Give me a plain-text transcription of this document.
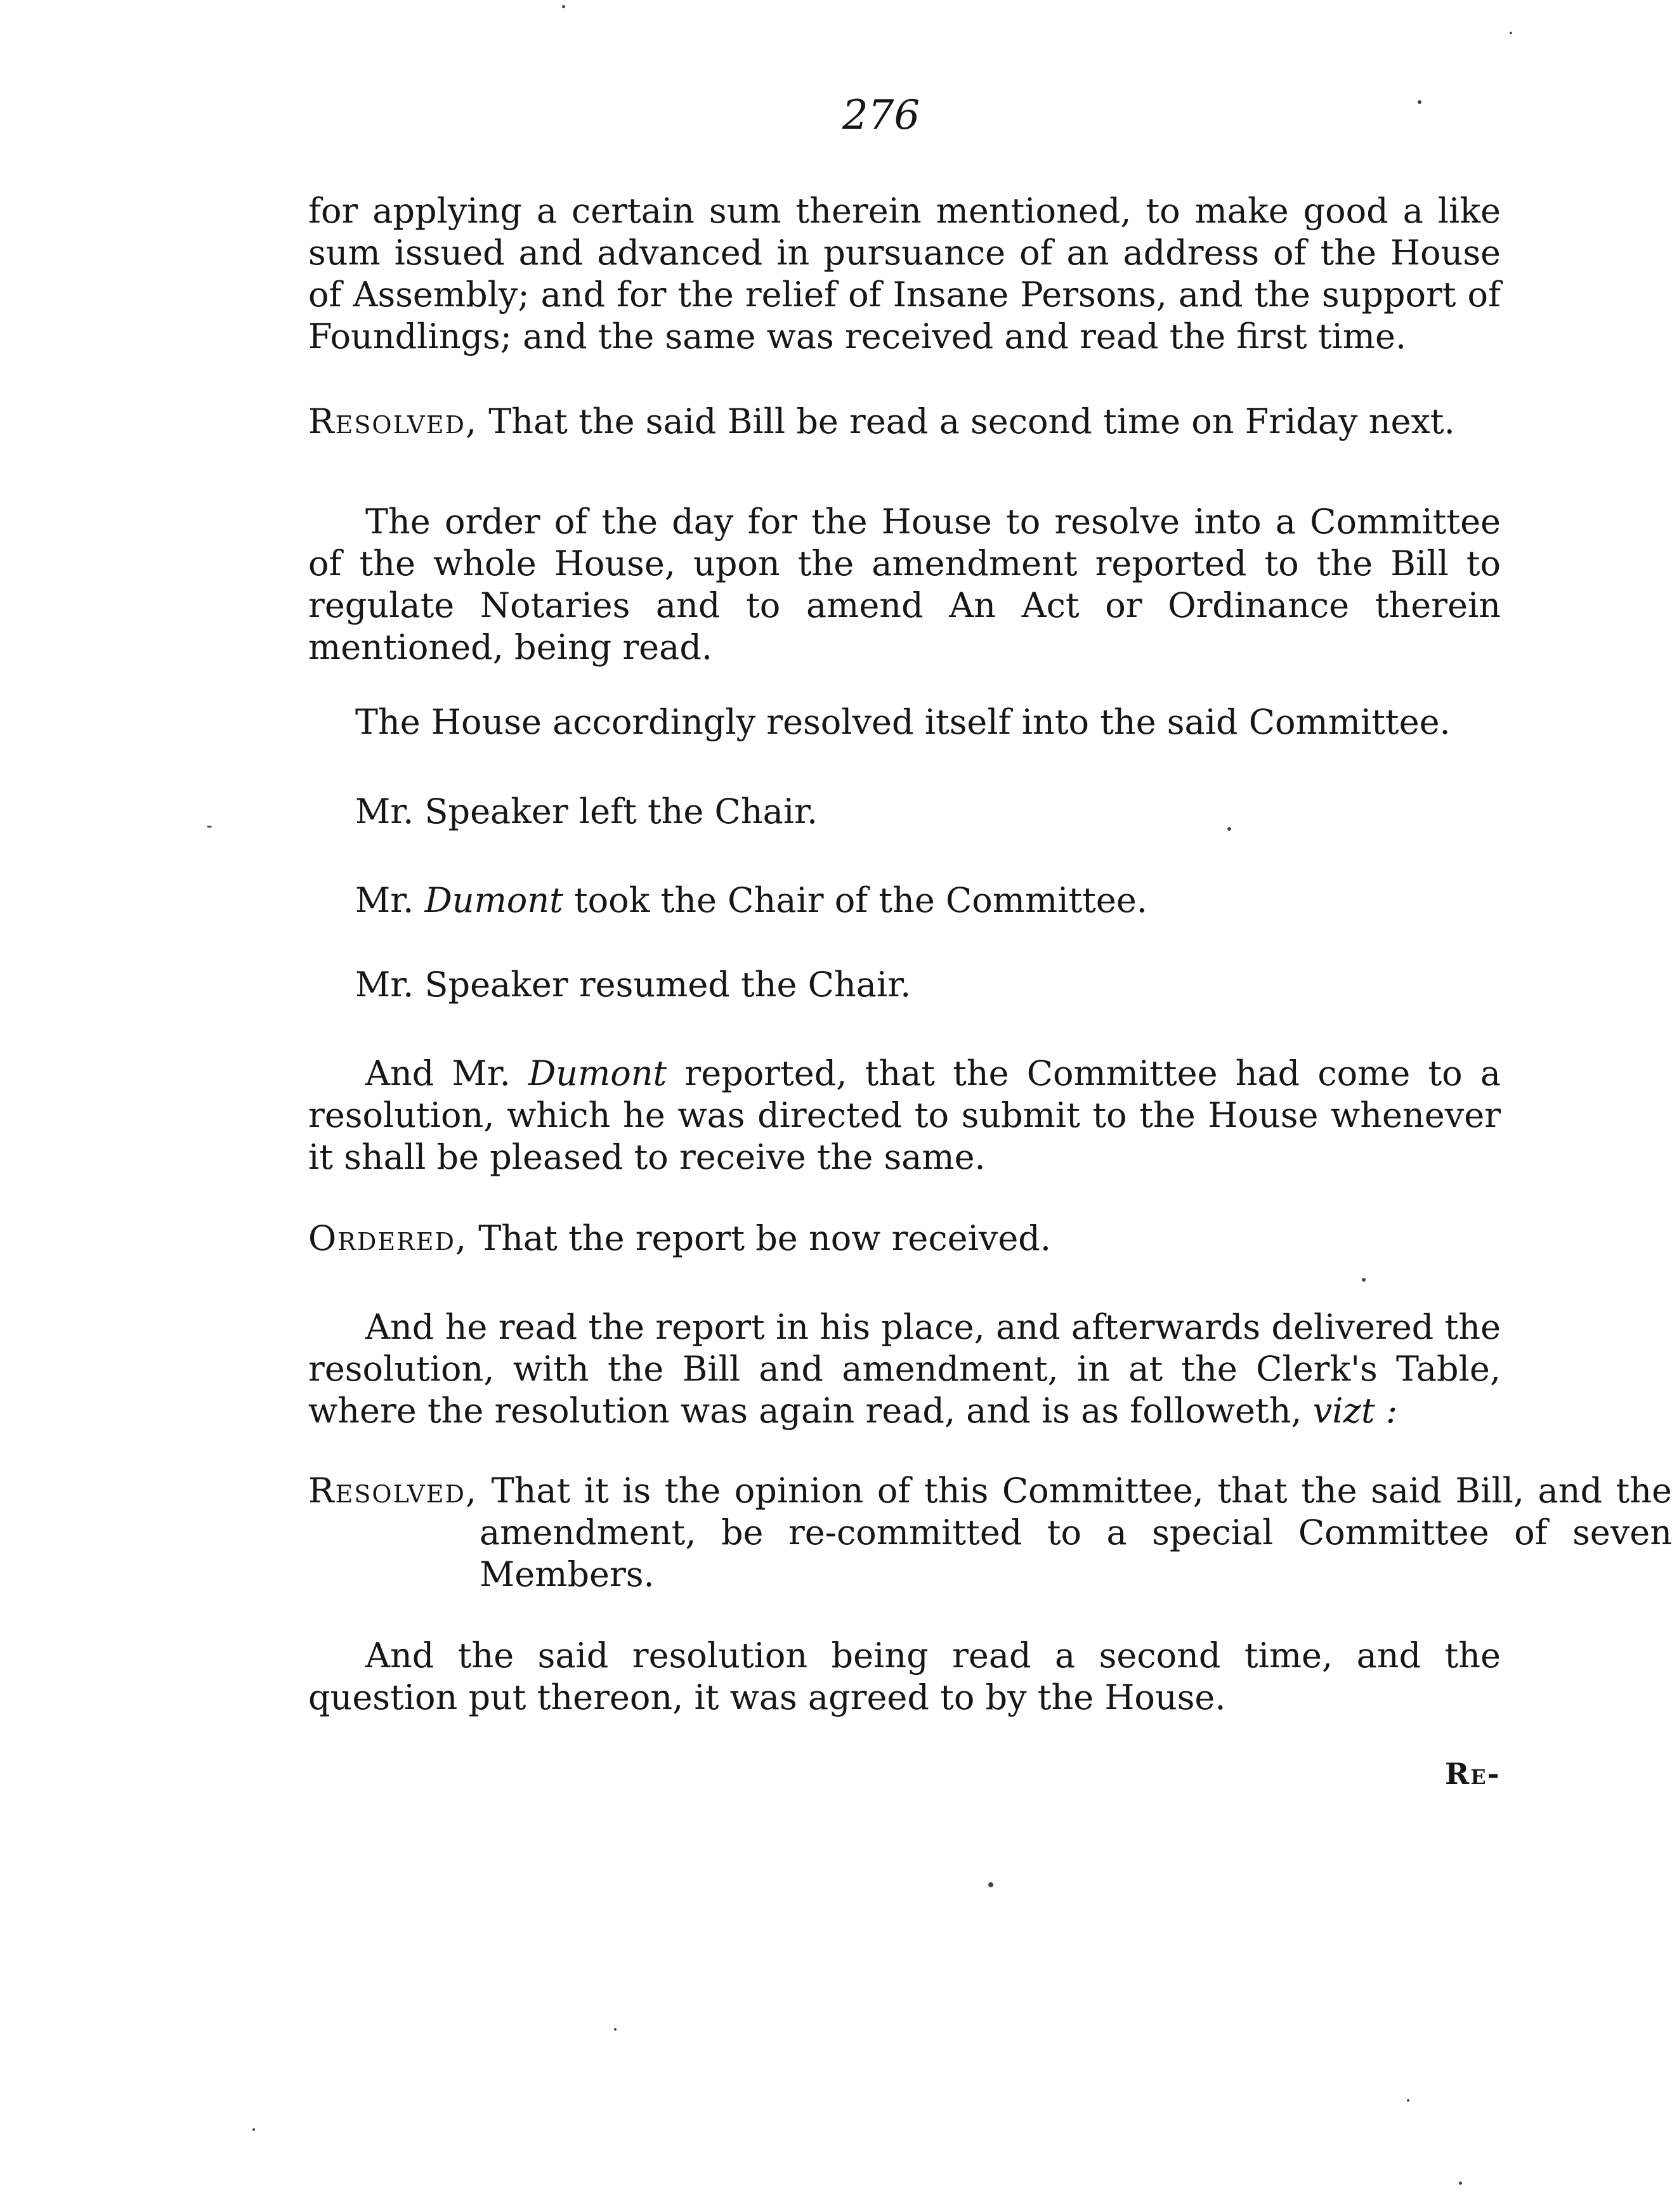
276

for applying a certain sum therein mentioned, to make good a like sum issued and advanced in pursuance of an address of the House of Assembly; and for the relief of Insane Persons, and the support of Foundlings; and the same was received and read the first time.

Resolved, That the said Bill be read a second time on Friday next.

The order of the day for the House to resolve into a Committee of the whole House, upon the amendment reported to the Bill to regulate Notaries and to amend An Act or Ordinance therein mentioned, being read.

The House accordingly resolved itself into the said Committee.

Mr. Speaker left the Chair.

Mr. Dumont took the Chair of the Committee.

Mr. Speaker resumed the Chair.

And Mr. Dumont reported, that the Committee had come to a resolution, which he was directed to submit to the House whenever it shall be pleased to receive the same.

Ordered, That the report be now received.

And he read the report in his place, and afterwards delivered the resolution, with the Bill and amendment, in at the Clerk's Table, where the resolution was again read, and is as followeth, vizt :

Resolved, That it is the opinion of this Committee, that the said Bill, and the amendment, be re-committed to a special Committee of seven Members.

And the said resolution being read a second time, and the question put thereon, it was agreed to by the House.

Re-
